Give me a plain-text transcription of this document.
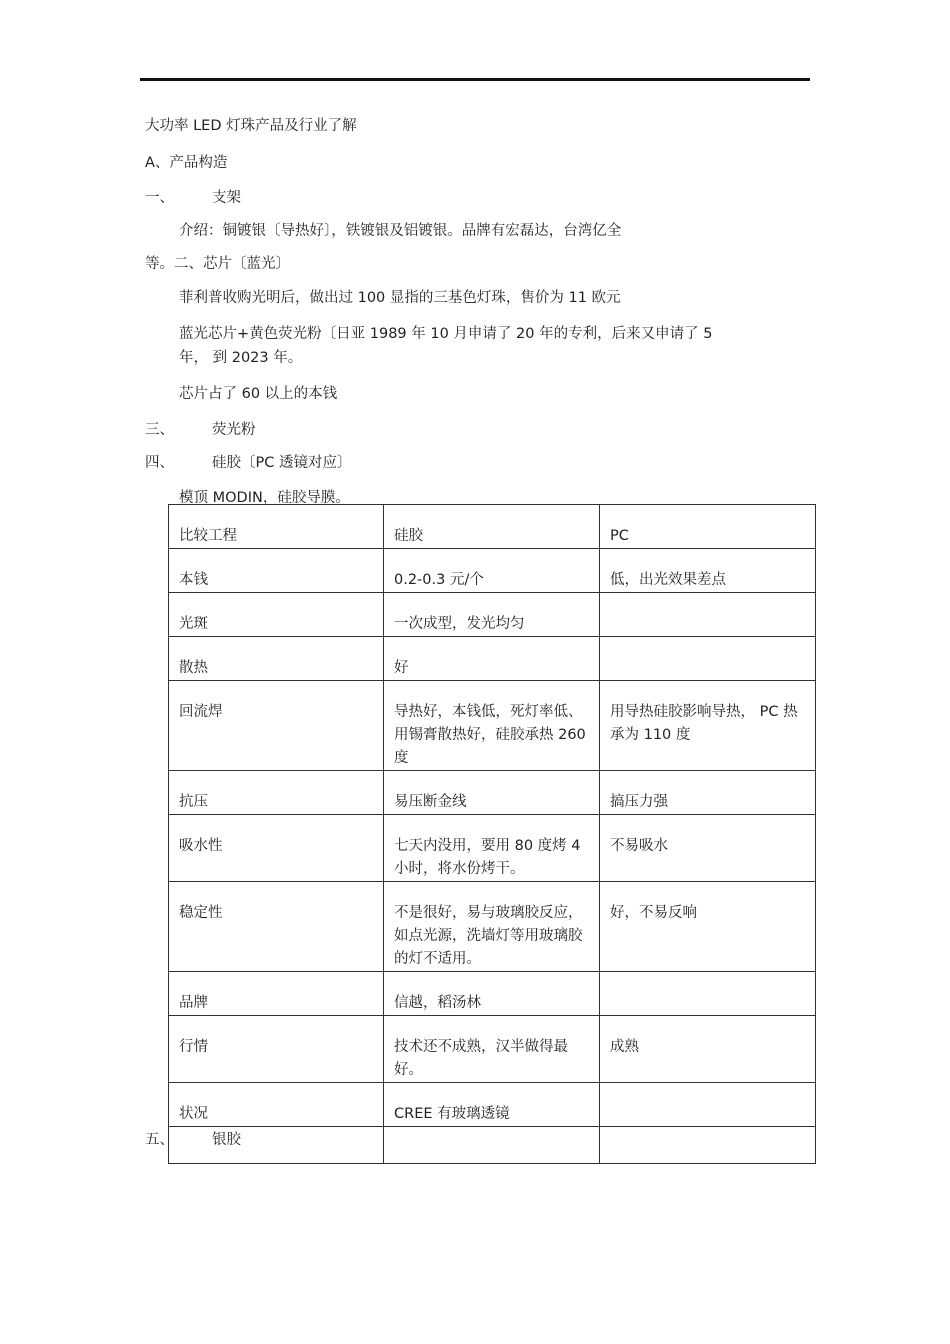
大功率 LED 灯珠产品及行业了解
A、产品构造
一、	支架
介绍：铜镀银〔导热好〕，铁镀银及铝镀银。品牌有宏磊达，台湾亿全
等。二、芯片〔蓝光〕
菲利普收购光明后，做出过 100 显指的三基色灯珠，售价为 11 欧元
蓝光芯片+黄色荧光粉〔日亚 1989 年 10 月申请了 20 年的专利，后来又申请了 5
年， 到 2023 年。
芯片占了 60 以上的本钱
三、	荧光粉
四、	硅胶〔PC 透镜对应〕
模顶 MODIN，硅胶导膜。
比较工程	硅胶	PC
本钱	0.2-0.3 元/个	低，出光效果差点
光斑	一次成型，发光均匀	
散热	好	
回流焊	导热好，本钱低，死灯率低、用锡膏散热好，硅胶承热 260 度	用导热硅胶影响导热， PC 热承为 110 度
抗压	易压断金线	搞压力强
吸水性	七天内没用，要用 80 度烤 4 小时，将水份烤干。	不易吸水
稳定性	不是很好，易与玻璃胶反应，如点光源，洗墙灯等用玻璃胶的灯不适用。	好，不易反响
品牌	信越，稻汤林	
行情	技术还不成熟，汉半做得最好。	成熟
状况	CREE 有玻璃透镜	

五、	银胶
